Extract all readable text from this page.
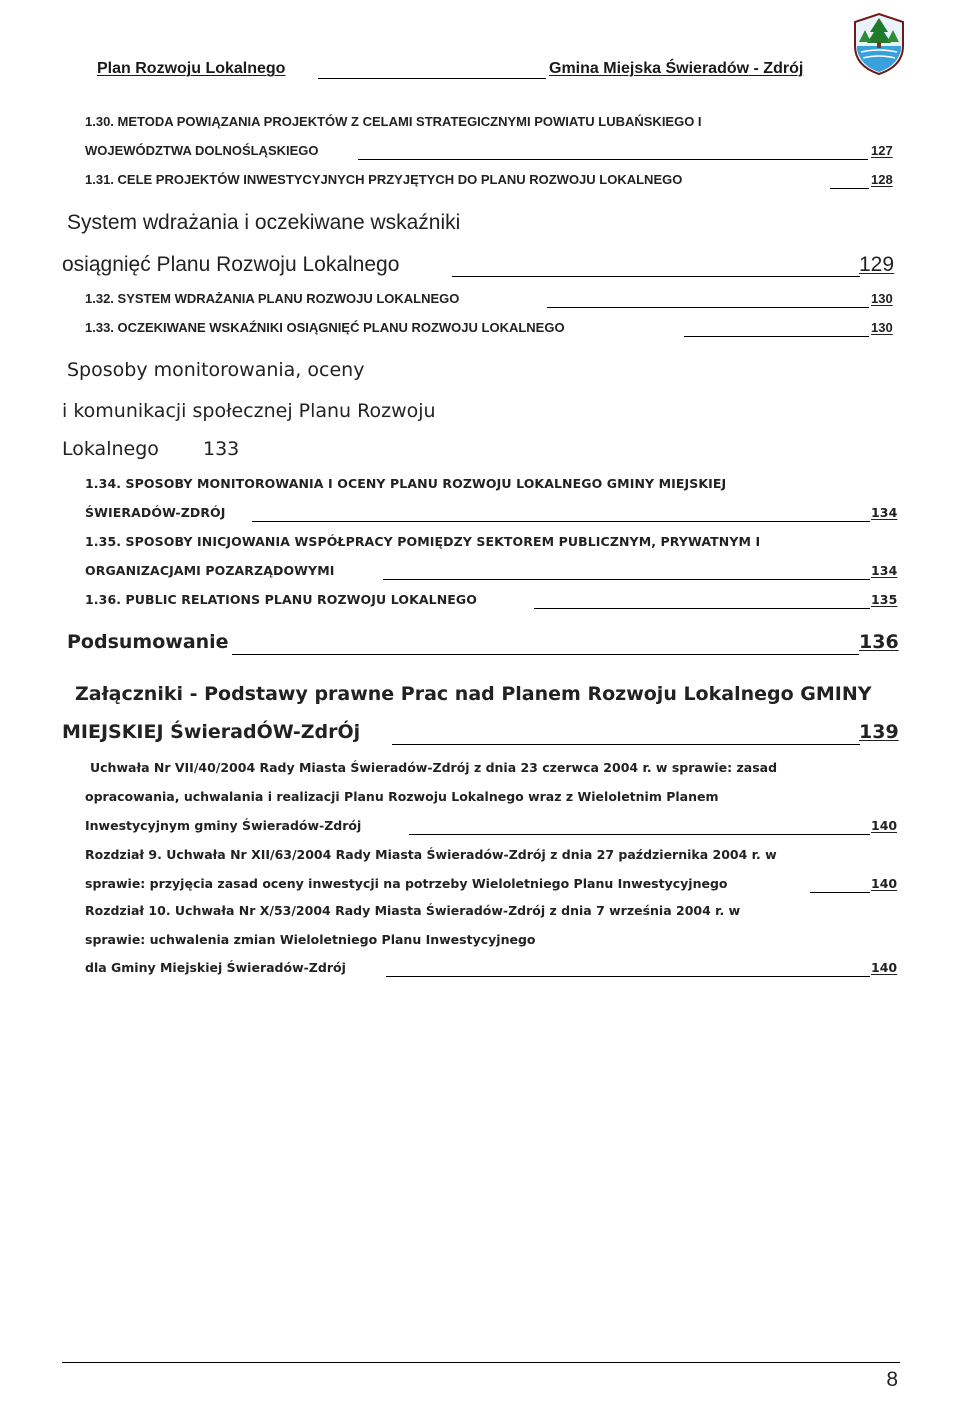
Plan Rozwoju Lokalnego	Gmina Miejska Świeradów - Zdrój
1.30. METODA POWIĄZANIA PROJEKTÓW Z CELAMI STRATEGICZNYMI POWIATU LUBAŃSKIEGO I
WOJEWÓDZTWA DOLNOŚLĄSKIEGO	127
1.31. CELE PROJEKTÓW INWESTYCYJNYCH PRZYJĘTYCH DO PLANU ROZWOJU LOKALNEGO	128
System wdrażania i oczekiwane wskaźniki
osiągnięć Planu Rozwoju Lokalnego	129
1.32. SYSTEM WDRAŻANIA PLANU ROZWOJU LOKALNEGO	130
1.33. OCZEKIWANE WSKAŹNIKI OSIĄGNIĘĆ PLANU ROZWOJU LOKALNEGO	130
Sposoby monitorowania, oceny
i komunikacji społecznej Planu Rozwoju
Lokalnego 133
1.34. SPOSOBY MONITOROWANIA I OCENY PLANU ROZWOJU LOKALNEGO GMINY MIEJSKIEJ
ŚWIERADÓW-ZDRÓJ	134
1.35. SPOSOBY INICJOWANIA WSPÓŁPRACY POMIĘDZY SEKTOREM PUBLICZNYM, PRYWATNYM I
ORGANIZACJAMI POZARZĄDOWYMI	134
1.36. PUBLIC RELATIONS PLANU ROZWOJU LOKALNEGO	135
Podsumowanie	136
Załączniki - Podstawy prawne Prac nad Planem Rozwoju Lokalnego GMINY
MIEJSKIEJ ŚwieradÓW-ZdrÓj	139
Uchwała Nr VII/40/2004 Rady Miasta Świeradów-Zdrój z dnia 23 czerwca 2004 r. w sprawie: zasad
opracowania, uchwalania i realizacji Planu Rozwoju Lokalnego wraz z Wieloletnim Planem
Inwestycyjnym gminy Świeradów-Zdrój	140
Rozdział 9. Uchwała Nr XII/63/2004 Rady Miasta Świeradów-Zdrój z dnia 27 października 2004 r. w
sprawie: przyjęcia zasad oceny inwestycji na potrzeby Wieloletniego Planu Inwestycyjnego	140
Rozdział 10. Uchwała Nr X/53/2004 Rady Miasta Świeradów-Zdrój z dnia 7 września 2004 r. w
sprawie: uchwalenia zmian Wieloletniego Planu Inwestycyjnego
dla Gminy Miejskiej Świeradów-Zdrój	140
8
